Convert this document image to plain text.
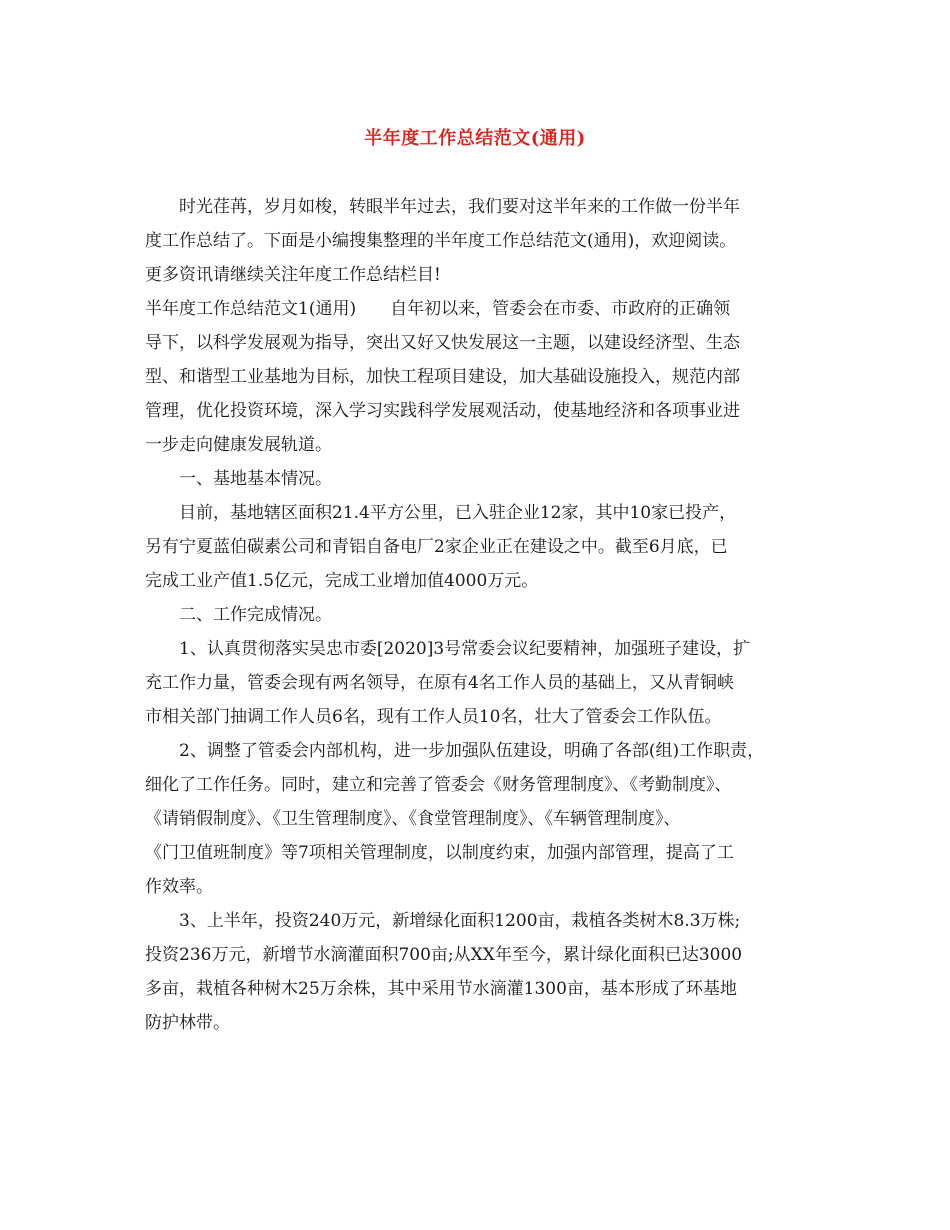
半年度工作总结范文(通用)
时光荏苒，岁月如梭，转眼半年过去，我们要对这半年来的工作做一份半年
度工作总结了。下面是小编搜集整理的半年度工作总结范文(通用)，欢迎阅读。
更多资讯请继续关注年度工作总结栏目!
半年度工作总结范文1(通用) 自年初以来，管委会在市委、市政府的正确领
导下，以科学发展观为指导，突出又好又快发展这一主题，以建设经济型、生态
型、和谐型工业基地为目标，加快工程项目建设，加大基础设施投入，规范内部
管理，优化投资环境，深入学习实践科学发展观活动，使基地经济和各项事业进
一步走向健康发展轨道。
一、基地基本情况。
目前，基地辖区面积21.4平方公里，已入驻企业12家，其中10家已投产，
另有宁夏蓝伯碳素公司和青铝自备电厂2家企业正在建设之中。截至6月底，已
完成工业产值1.5亿元，完成工业增加值4000万元。
二、工作完成情况。
1、认真贯彻落实吴忠市委[2020]3号常委会议纪要精神，加强班子建设，扩
充工作力量，管委会现有两名领导，在原有4名工作人员的基础上，又从青铜峡
市相关部门抽调工作人员6名，现有工作人员10名，壮大了管委会工作队伍。
2、调整了管委会内部机构，进一步加强队伍建设，明确了各部(组)工作职责，
细化了工作任务。同时，建立和完善了管委会《财务管理制度》、《考勤制度》、
《请销假制度》、《卫生管理制度》、《食堂管理制度》、《车辆管理制度》、
《门卫值班制度》等7项相关管理制度，以制度约束，加强内部管理，提高了工
作效率。
3、上半年，投资240万元，新增绿化面积1200亩，栽植各类树木8.3万株;
投资236万元，新增节水滴灌面积700亩;从XX年至今，累计绿化面积已达3000
多亩，栽植各种树木25万余株，其中采用节水滴灌1300亩，基本形成了环基地
防护林带。
